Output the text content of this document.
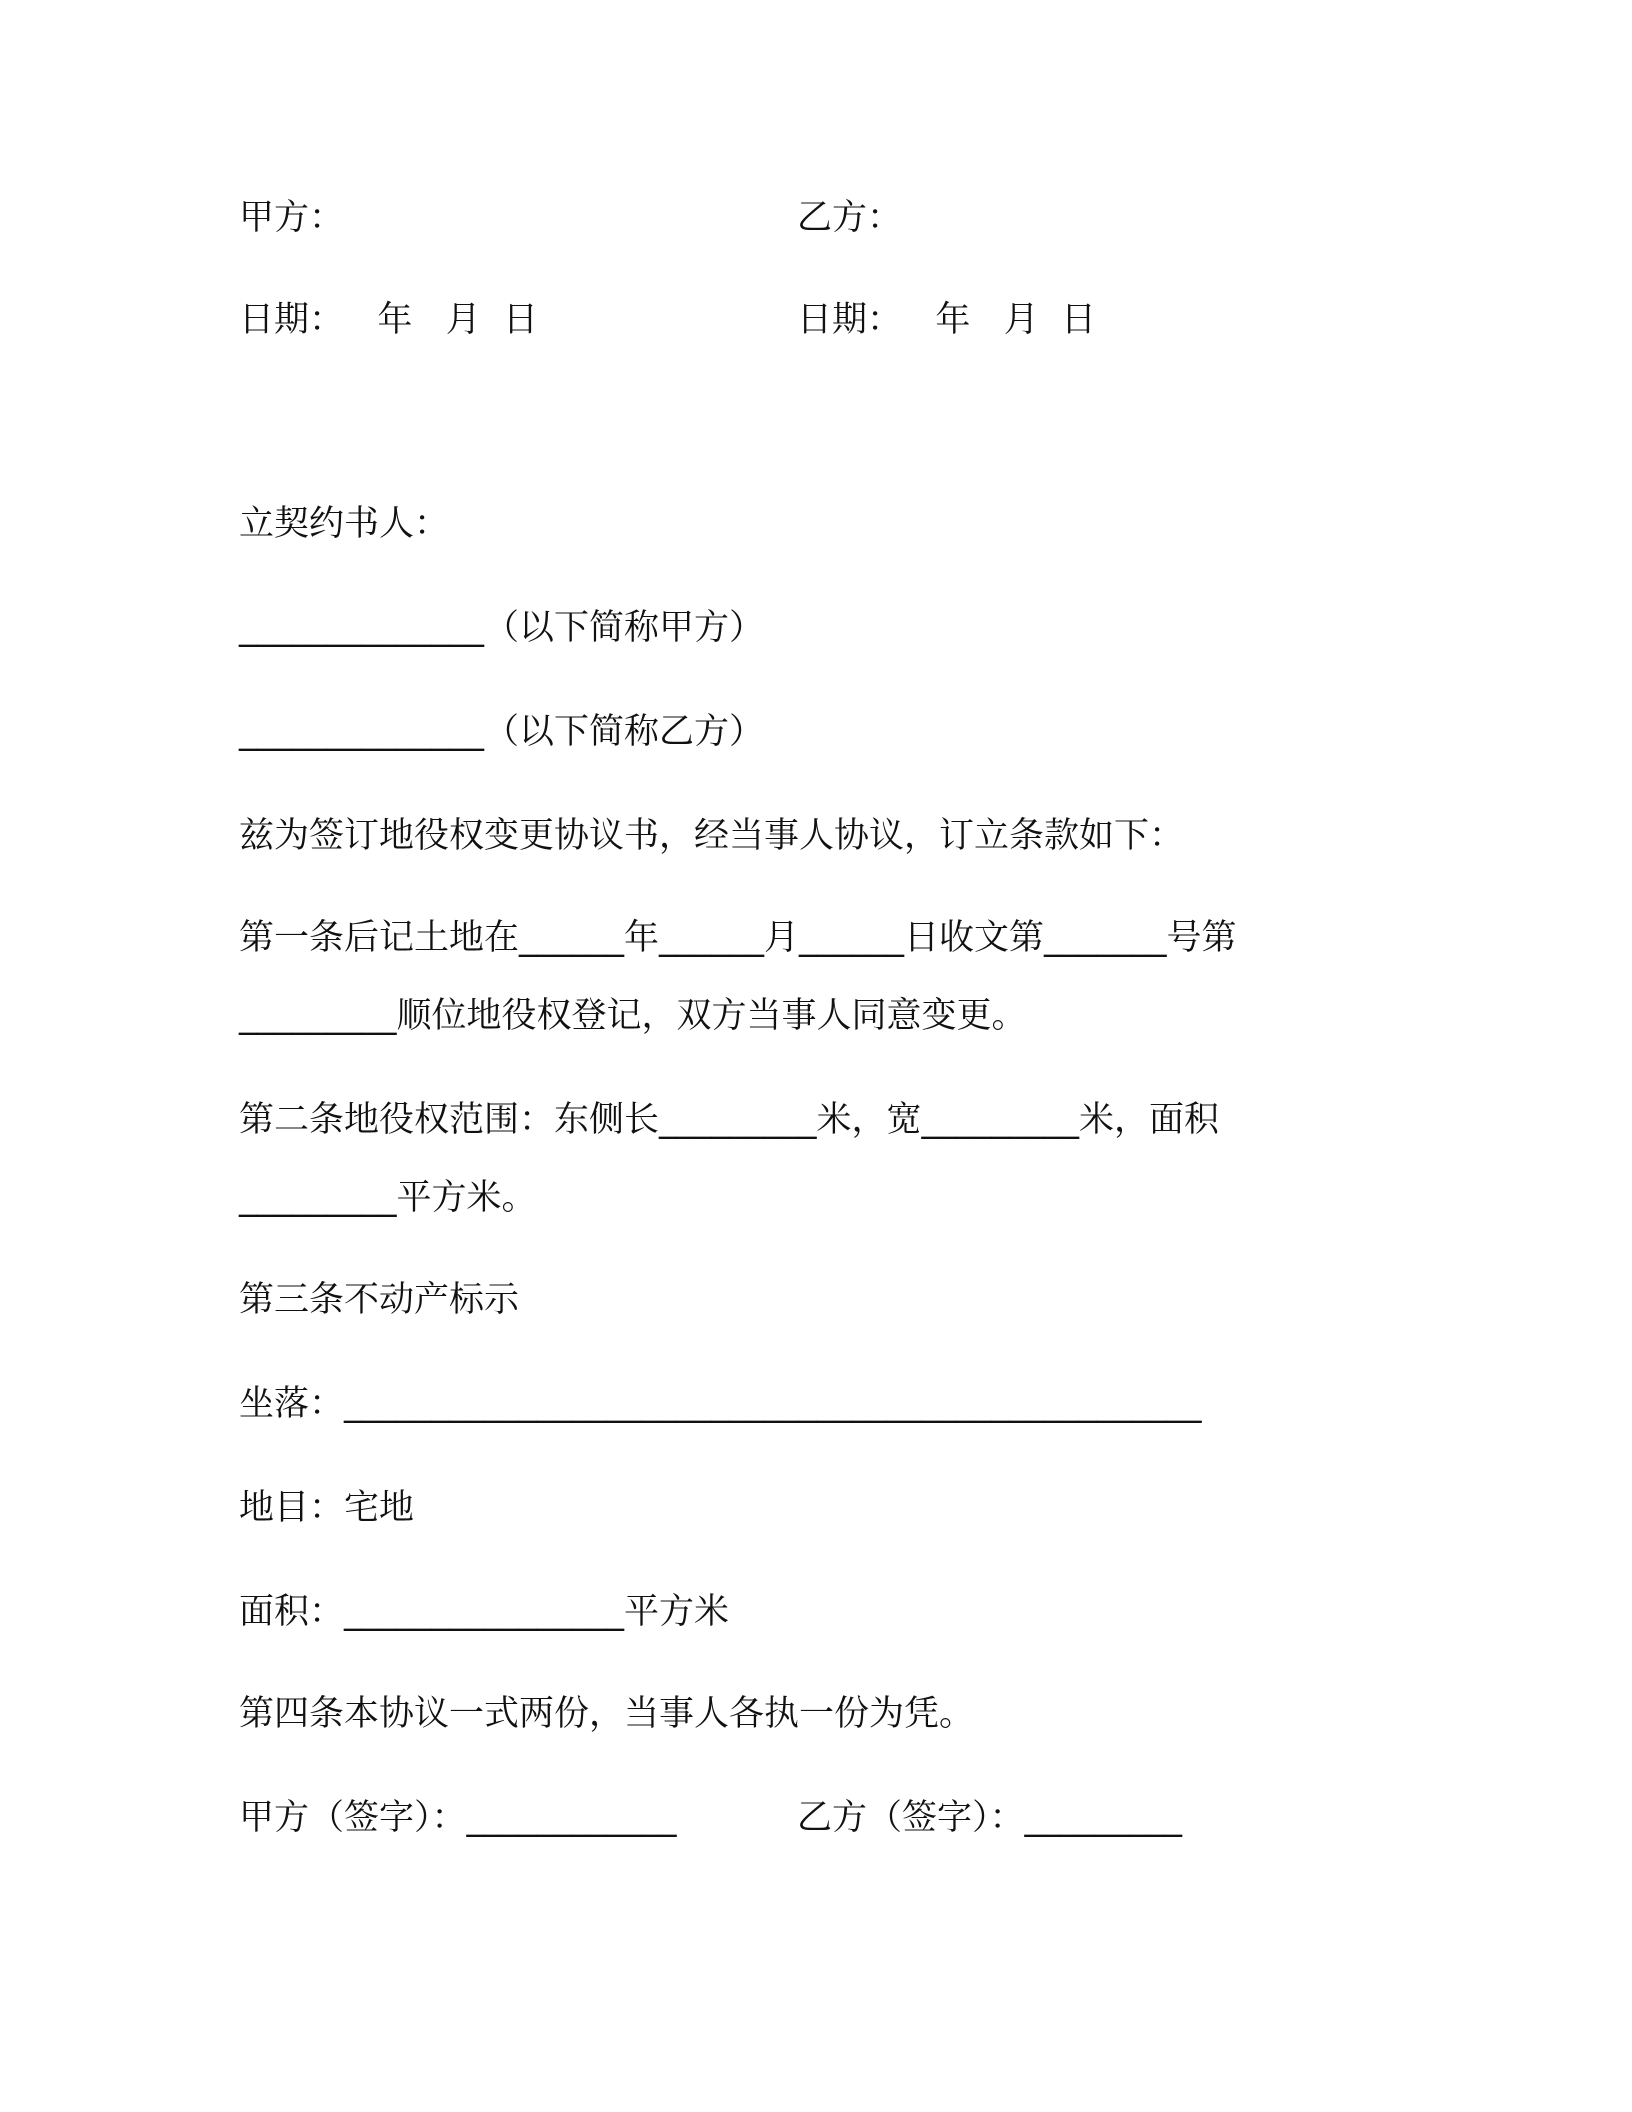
甲方：	乙方：
日期：   年   月  日	日期：   年   月  日
立契约书人：
______________（以下简称甲方）
______________（以下简称乙方）
兹为签订地役权变更协议书，经当事人协议，订立条款如下：
第一条后记土地在______年______月______日收文第_______号第
_________顺位地役权登记，双方当事人同意变更。
第二条地役权范围：东侧长_________米，宽_________米，面积
_________平方米。
第三条不动产标示
坐落：_________________________________________________
地目：宅地
面积：________________平方米
第四条本协议一式两份，当事人各执一份为凭。
甲方（签字）：____________	乙方（签字）：_________
